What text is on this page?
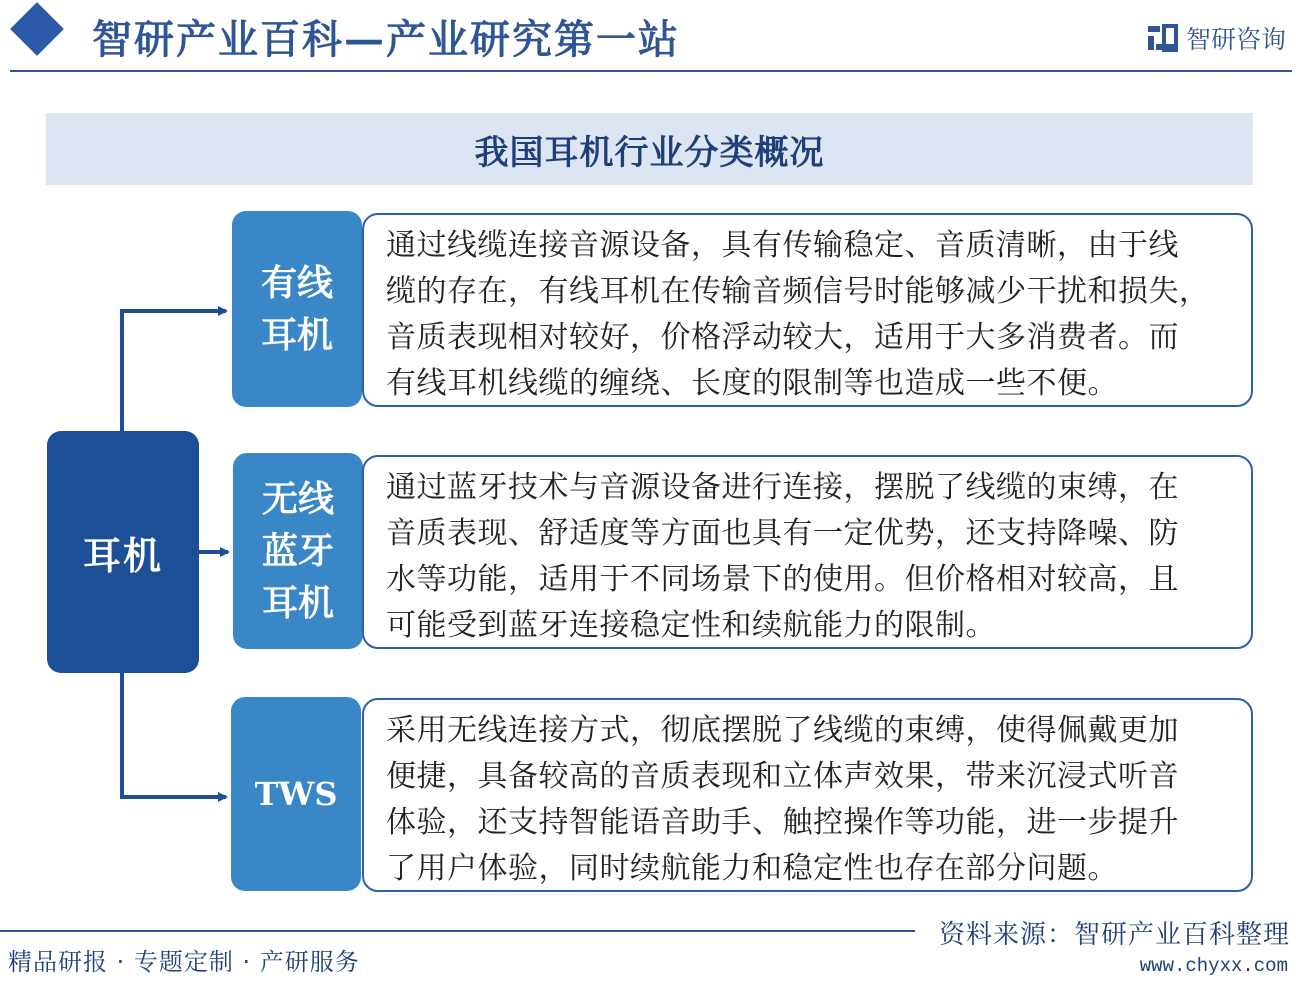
智研产业百科—产业研究第一站	智研咨询
我国耳机行业分类概况
耳机
有线
耳机
通过线缆连接音源设备，具有传输稳定、音质清晰，由于线
缆的存在，有线耳机在传输音频信号时能够减少干扰和损失，
音质表现相对较好，价格浮动较大，适用于大多消费者。而
有线耳机线缆的缠绕、长度的限制等也造成一些不便。
无线
蓝牙
耳机
通过蓝牙技术与音源设备进行连接，摆脱了线缆的束缚，在
音质表现、舒适度等方面也具有一定优势，还支持降噪、防
水等功能，适用于不同场景下的使用。但价格相对较高，且
可能受到蓝牙连接稳定性和续航能力的限制。
TWS
采用无线连接方式，彻底摆脱了线缆的束缚，使得佩戴更加
便捷，具备较高的音质表现和立体声效果，带来沉浸式听音
体验，还支持智能语音助手、触控操作等功能，进一步提升
了用户体验，同时续航能力和稳定性也存在部分问题。
资料来源：智研产业百科整理
精品研报 · 专题定制 · 产研服务	www.chyxx.com
